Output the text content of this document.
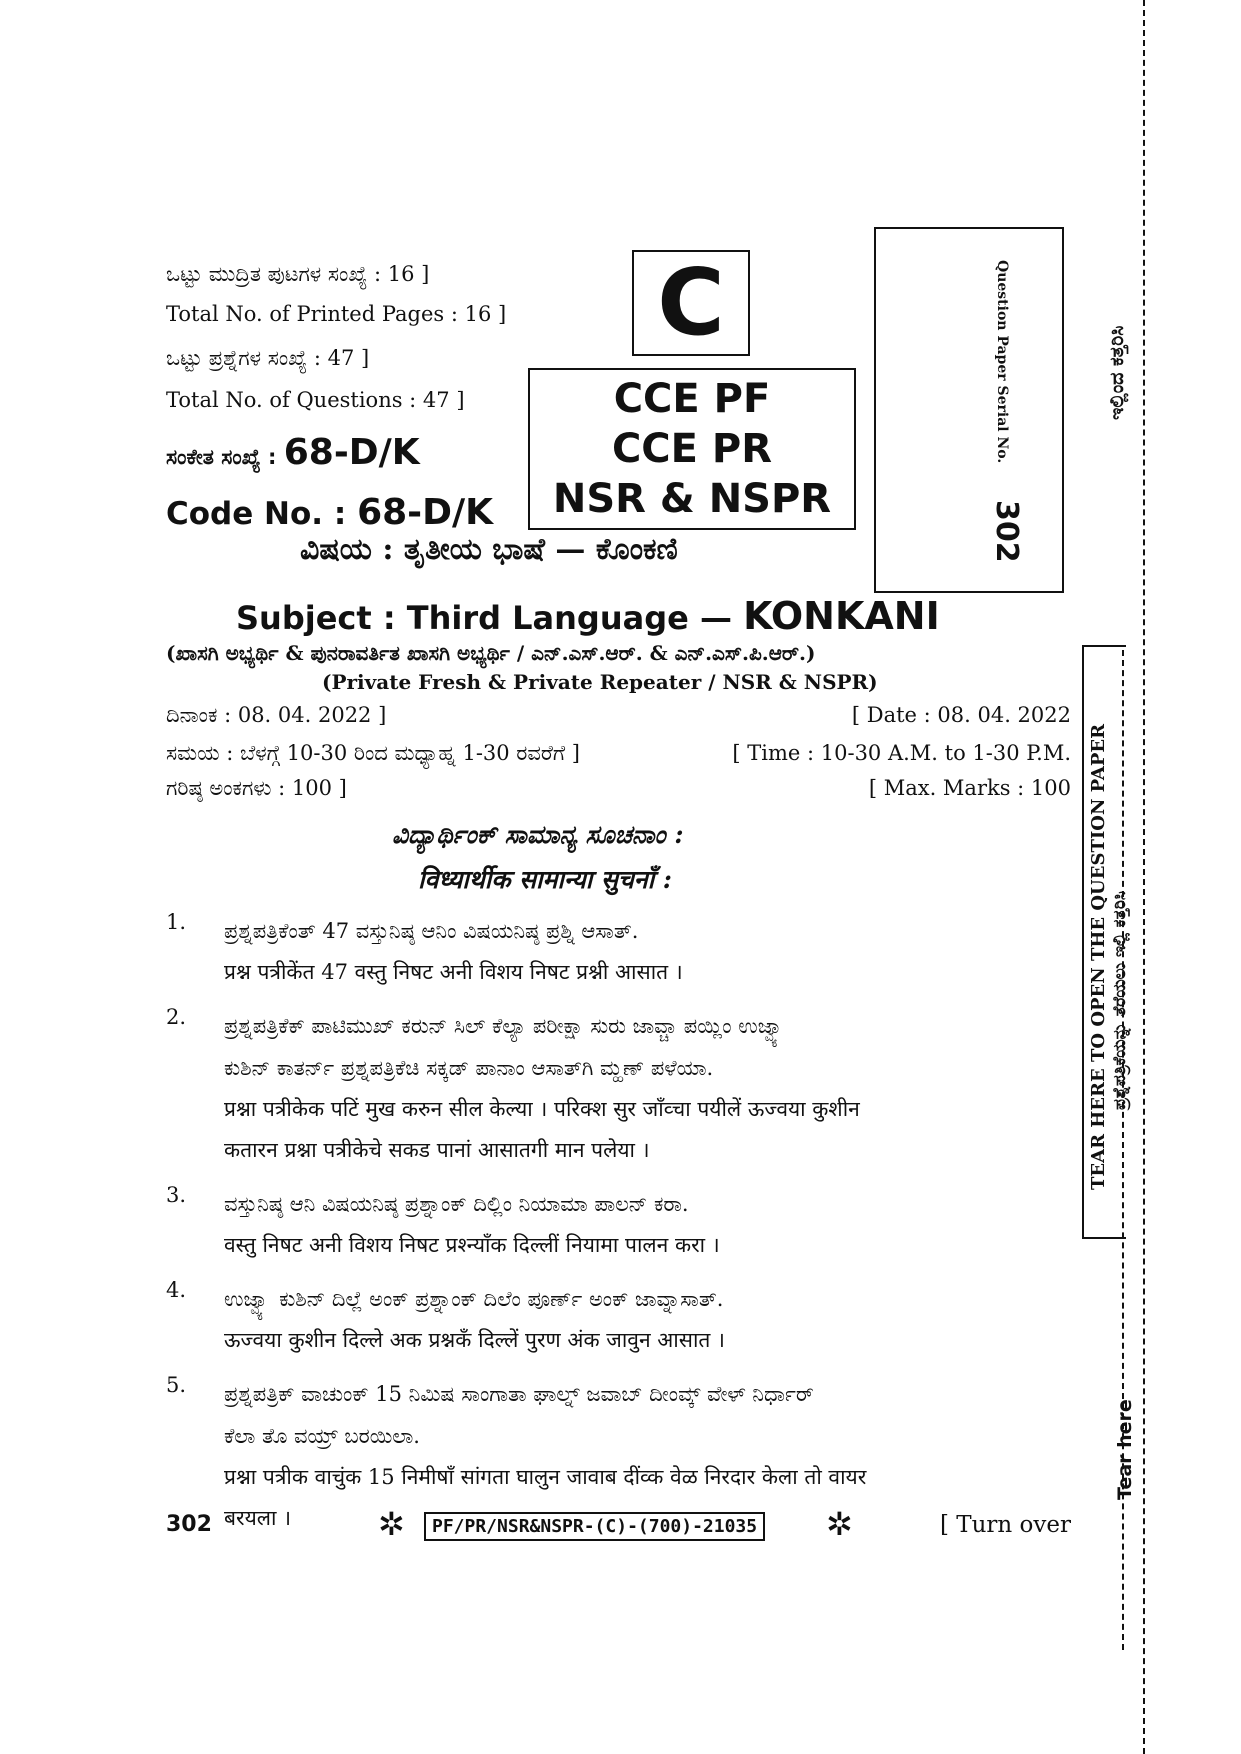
ಒಟ್ಟು ಮುದ್ರಿತ ಪುಟಗಳ ಸಂಖ್ಯೆ : 16 ]
Total No. of Printed Pages : 16 ]
ಒಟ್ಟು ಪ್ರಶ್ನೆಗಳ ಸಂಖ್ಯೆ : 47 ]
Total No. of Questions : 47 ]
ಸಂಕೇತ ಸಂಖ್ಯೆ : 68-D/K
Code No. : 68-D/K
C
CCE PF
CCE PR
NSR & NSPR
Question Paper Serial No.
302
ವಿಷಯ : ತೃತೀಯ ಭಾಷೆ — ಕೊಂಕಣಿ
Subject : Third Language — KONKANI
(ಖಾಸಗಿ ಅಭ್ಯರ್ಥಿ & ಪುನರಾವರ್ತಿತ ಖಾಸಗಿ ಅಭ್ಯರ್ಥಿ / ಎನ್.ಎಸ್.ಆರ್. & ಎನ್.ಎಸ್.ಪಿ.ಆರ್.)
(Private Fresh & Private Repeater / NSR & NSPR)
ದಿನಾಂಕ : 08. 04. 2022 ]	[ Date : 08. 04. 2022
ಸಮಯ : ಬೆಳಗ್ಗೆ 10-30 ರಿಂದ ಮಧ್ಯಾಹ್ನ 1-30 ರವರೆಗೆ ]	[ Time : 10-30 A.M. to 1-30 P.M.
ಗರಿಷ್ಠ ಅಂಕಗಳು : 100 ]	[ Max. Marks : 100
ವಿದ್ಯಾರ್ಥಿಂಕ್ ಸಾಮಾನ್ಯ ಸೂಚನಾಂ :
विध्यार्थीक सामान्या सुचनाँ :
1. ಪ್ರಶ್ನಪತ್ರಿಕೆಂತ್ 47 ವಸ್ತುನಿಷ್ಠ ಆನಿಂ ವಿಷಯನಿಷ್ಠ ಪ್ರಶ್ನಿ ಆಸಾತ್.
प्रश्न पत्रीकेंत 47 वस्तु निषट अनी विशय निषट प्रश्नी आसात ।
2. ಪ್ರಶ್ನಪತ್ರಿಕೆಕ್ ಪಾಟಿಮುಖ್ ಕರುನ್ ಸಿಲ್ ಕೆಲ್ಯಾ ಪರೀಕ್ಷಾ ಸುರು ಜಾವ್ಚಾ ಪಯ್ಲಿಂ ಉಜ್ವ್ಯಾ
ಕುಶಿನ್ ಕಾತರ್ನ್ ಪ್ರಶ್ನಪತ್ರಿಕೆಚಿ ಸಕ್ಕಡ್ ಪಾನಾಂ ಆಸಾತ್‌ಗಿ ಮ್ಹಣ್ ಪಳೆಯಾ.
प्रश्ना पत्रीकेक पटिं मुख करुन सील केल्या । परिक्श सुर जाँव्चा पयीलें ऊज्वया कुशीन
कतारन प्रश्ना पत्रीकेचे सकड पानां आसातगी मान पलेया ।
3. ವಸ್ತುನಿಷ್ಠ ಆನಿ ವಿಷಯನಿಷ್ಠ ಪ್ರಶ್ನಾಂಕ್ ದಿಲ್ಲಿಂ ನಿಯಾಮಾ ಪಾಲನ್ ಕರಾ.
वस्तु निषट अनी विशय निषट प्रश्न्याँक दिल्लीं नियामा पालन करा ।
4. ಉಜ್ವ್ಯಾ ಕುಶಿನ್ ದಿಲ್ಲೆ ಅಂಕ್ ಪ್ರಶ್ನಾಂಕ್ ದಿಲೆಂ ಪೂರ್ಣ್ ಅಂಕ್ ಜಾವ್ನಾಸಾತ್.
ऊज्वया कुशीन दिल्ले अक प्रश्नकँ दिल्लें पुरण अंक जावुन आसात ।
5. ಪ್ರಶ್ನಪತ್ರಿಕ್ ವಾಚುಂಕ್ 15 ನಿಮಿಷ ಸಾಂಗಾತಾ ಘಾಲ್ನ್ ಜವಾಬ್ ದೀಂವ್ಕ್ ವೇಳ್ ನಿರ್ಧಾರ್
ಕೆಲಾ ತೊ ವಯ್ರ್ ಬರಯಿಲಾ.
प्रश्ना पत्रीक वाचुंक 15 निमीषाँ सांगता घालुन जावाब दींव्क वेळ निरदार केला तो वायर
बरयला ।
302	✲	PF/PR/NSR&NSPR-(C)-(700)-21035 ✲	[ Turn over
ಇಲ್ಲಿಂದ ಕತ್ತರಿಸಿ
TEAR HERE TO OPEN THE QUESTION PAPER ಪ್ರಶ್ನೆಪತ್ರಿಕೆಯನ್ನು ತೆರೆಯಲು ಇಲ್ಲಿ ಕತ್ತರಿಸಿ
Tear here
